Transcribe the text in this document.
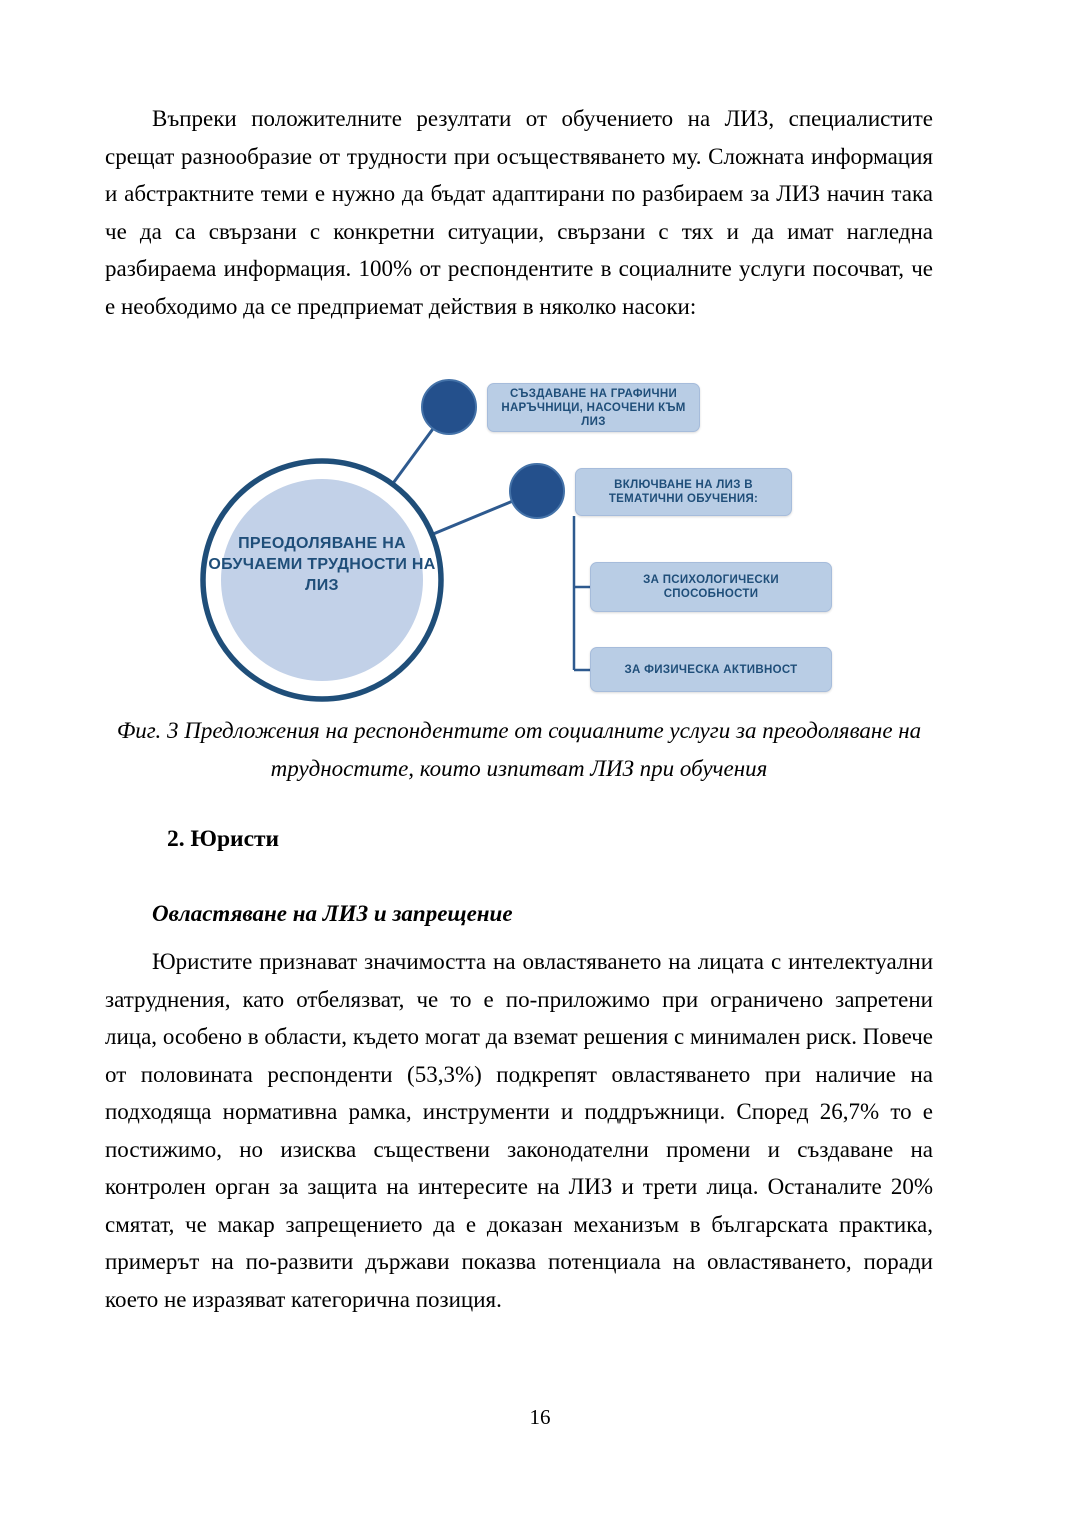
Въпреки положителните резултати от обучението на ЛИЗ, специалистите срещат разнообразие от трудности при осъществяването му. Сложната информация и абстрактните теми е нужно да бъдат адаптирани по разбираем за ЛИЗ начин така че да са свързани с конкретни ситуации, свързани с тях и да имат нагледна разбираема информация. 100% от респондентите в социалните услуги посочват, че е необходимо да се предприемат действия в няколко насоки:

ПРЕОДОЛЯВАНЕ НА ОБУЧАЕМИ ТРУДНОСТИ НА ЛИЗ
СЪЗДАВАНЕ НА ГРАФИЧНИ НАРЪЧНИЦИ, НАСОЧЕНИ КЪМ ЛИЗ
ВКЛЮЧВАНЕ НА ЛИЗ В ТЕМАТИЧНИ ОБУЧЕНИЯ:
ЗА ПСИХОЛОГИЧЕСКИ СПОСОБНОСТИ
ЗА ФИЗИЧЕСКА АКТИВНОСТ

Фиг. 3 Предложения на респондентите от социалните услуги за преодоляване на трудностите, които изпитват ЛИЗ при обучения

2. Юристи
Овластяване на ЛИЗ и запрещение

Юристите признават значимостта на овластяването на лицата с интелектуални затруднения, като отбелязват, че то е по-приложимо при ограничено запретени лица, особено в области, където могат да вземат решения с минимален риск. Повече от половината респонденти (53,3%) подкрепят овластяването при наличие на подходяща нормативна рамка, инструменти и поддръжници. Според 26,7% то е постижимо, но изисква съществени законодателни промени и създаване на контролен орган за защита на интересите на ЛИЗ и трети лица. Останалите 20% смятат, че макар запрещението да е доказан механизъм в българската практика, примерът на по-развити държави показва потенциала на овластяването, поради което не изразяват категорична позиция.

16
